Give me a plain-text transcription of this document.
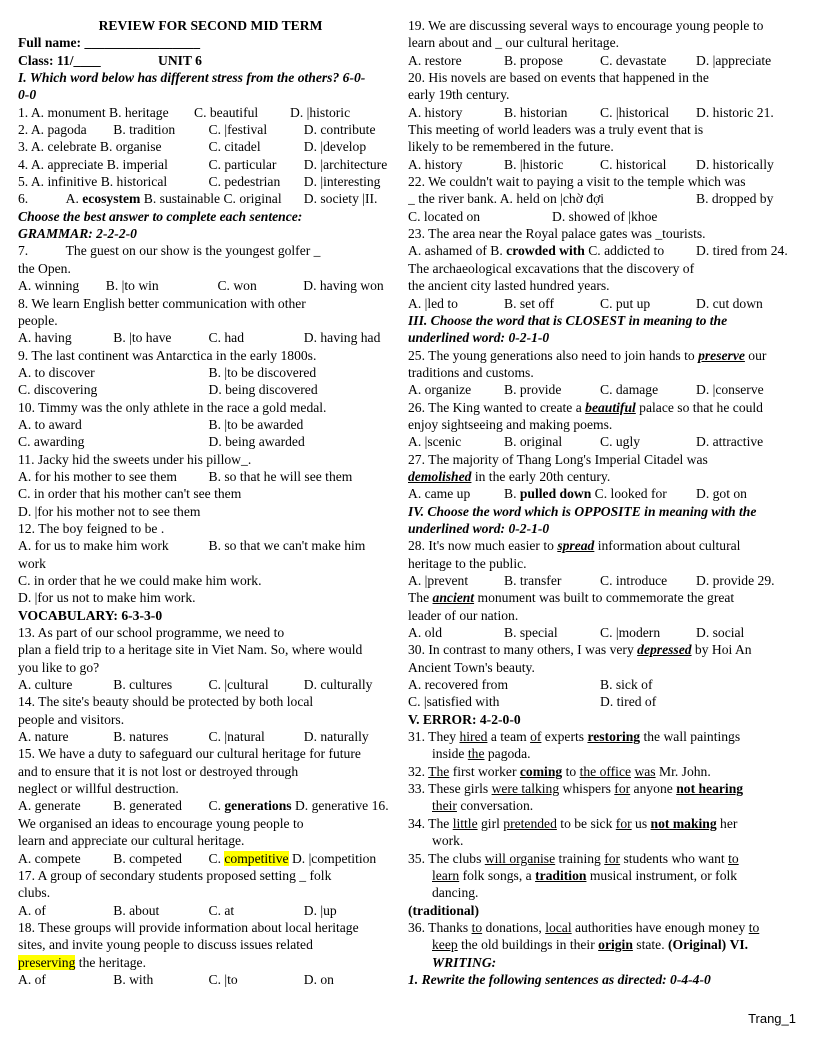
REVIEW FOR SECOND MID TERM
Full name: _________________
Class: 11/____	UNIT 6
I. Which word below has different stress from the others? 6-0-
0-0
1. A. monument B. heritage	C. beautiful	D. |historic
2. A. pagoda	B. tradition	C. |festival	D. contribute
3. A. celebrate B. organise	C. citadel	D. |develop
4. A. appreciate B. imperial	C. particular	D. |architecture
5. A. infinitive B. historical	C. pedestrian	D. |interesting
6.	A. ecosystem B. sustainable C. original	D. society |II.
Choose the best answer to complete each sentence:
GRAMMAR: 2-2-2-0
7.	The guest on our show is the youngest golfer _
the Open.
A. winning	B. |to win	C. won	D. having won
8. We learn English better communication with other
people.
A. having	B. |to have	C. had	D. having had
9. The last continent was Antarctica in the early 1800s.
A. to discover	B. |to be discovered
C. discovering	D. being discovered
10. Timmy was the only athlete in the race a gold medal.
A. to award	B. |to be awarded
C. awarding	D. being awarded
11. Jacky hid the sweets under his pillow_.
A. for his mother to see them	B. so that he will see them
C. in order that his mother can't see them
D. |for his mother not to see them
12. The boy feigned to be .
A. for us to make him work	B. so that we can't make him
work
C. in order that he we could make him work.
D. |for us not to make him work.
VOCABULARY: 6-3-3-0
13. As part of our school programme, we need to
plan a field trip to a heritage site in Viet Nam. So, where would
you like to go?
A. culture	B. cultures	C. |cultural	D. culturally
14. The site's beauty should be protected by both local
people and visitors.
A. nature	B. natures	C. |natural	D. naturally
15. We have a duty to safeguard our cultural heritage for future
and to ensure that it is not lost or destroyed through
neglect or willful destruction.
A. generate	B. generated	C. generations D. generative 16.
We organised an ideas to encourage young people to
learn and appreciate our cultural heritage.
A. compete	B. competed	C. competitive D. |competition
17. A group of secondary students proposed setting _ folk
clubs.
A. of	B. about	C. at	D. |up
18. These groups will provide information about local heritage
sites, and invite young people to discuss issues related
preserving the heritage.
A. of	B. with	C. |to	D. on
19. We are discussing several ways to encourage young people to
learn about and _ our cultural heritage.
A. restore	B. propose	C. devastate	D. |appreciate
20. His novels are based on events that happened in the
early 19th century.
A. history	B. historian	C. |historical	D. historic 21.
This meeting of world leaders was a truly event that is
likely to be remembered in the future.
A. history	B. |historic	C. historical	D. historically
22. We couldn't wait to paying a visit to the temple which was
_ the river bank. A. held on |chờ đợi	B. dropped by
C. located on	D. showed of |khoe
23. The area near the Royal palace gates was _tourists.
A. ashamed of B. crowded with C. addicted to	D. tired from 24.
The archaeological excavations that the discovery of
the ancient city lasted hundred years.
A. |led to	B. set off	C. put up	D. cut down
III. Choose the word that is CLOSEST in meaning to the
underlined word: 0-2-1-0
25. The young generations also need to join hands to preserve our
traditions and customs.
A. organize	B. provide	C. damage	D. |conserve
26. The King wanted to create a beautiful palace so that he could
enjoy sightseeing and making poems.
A. |scenic	B. original	C. ugly	D. attractive
27. The majority of Thang Long's Imperial Citadel was
demolished in the early 20th century.
A. came up	B. pulled down C. looked for	D. got on
IV. Choose the word which is OPPOSITE in meaning with the
underlined word: 0-2-1-0
28. It's now much easier to spread information about cultural
heritage to the public.
A. |prevent	B. transfer	C. introduce	D. provide 29.
The ancient monument was built to commemorate the great
leader of our nation.
A. old	B. special	C. |modern	D. social
30. In contrast to many others, I was very depressed by Hoi An
Ancient Town's beauty.
A. recovered from	B. sick of
C. |satisfied with	D. tired of
V. ERROR: 4-2-0-0
31. They hired a team of experts restoring the wall paintings
inside the pagoda.
32. The first worker coming to the office was Mr. John.
33. These girls were talking whispers for anyone not hearing
their conversation.
34. The little girl pretended to be sick for us not making her
work.
35. The clubs will organise training for students who want to
learn folk songs, a tradition musical instrument, or folk
dancing.
(traditional)
36. Thanks to donations, local authorities have enough money to
keep the old buildings in their origin state. (Original) VI.
WRITING:
1. Rewrite the following sentences as directed: 0-4-4-0
Trang_1
